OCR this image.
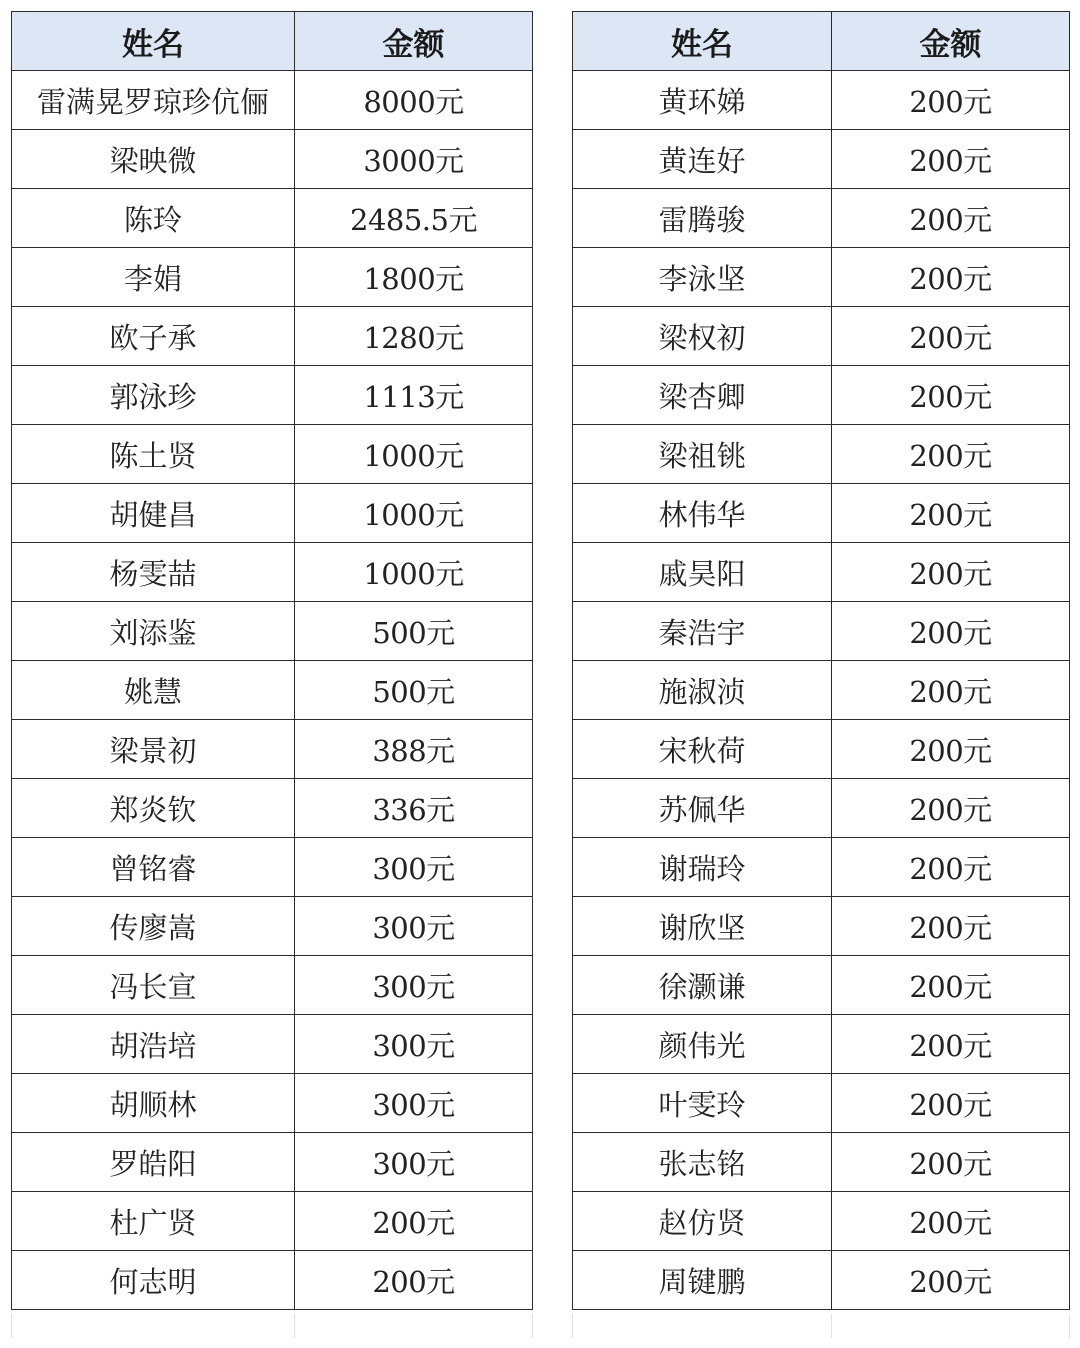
姓名	金额
雷满晃罗琼珍伉俪	8000元
梁映微	3000元
陈玲	2485.5元
李娟	1800元
欧子承	1280元
郭泳珍	1113元
陈土贤	1000元
胡健昌	1000元
杨雯喆	1000元
刘添鉴	500元
姚慧	500元
梁景初	388元
郑炎钦	336元
曾铭睿	300元
传廖嵩	300元
冯长宣	300元
胡浩培	300元
胡顺林	300元
罗皓阳	300元
杜广贤	200元
何志明	200元
姓名	金额
黄环娣	200元
黄连好	200元
雷腾骏	200元
李泳坚	200元
梁权初	200元
梁杏卿	200元
梁祖铫	200元
林伟华	200元
戚昊阳	200元
秦浩宇	200元
施淑浈	200元
宋秋荷	200元
苏佩华	200元
谢瑞玲	200元
谢欣坚	200元
徐灏谦	200元
颜伟光	200元
叶雯玲	200元
张志铭	200元
赵仿贤	200元
周键鹏	200元
